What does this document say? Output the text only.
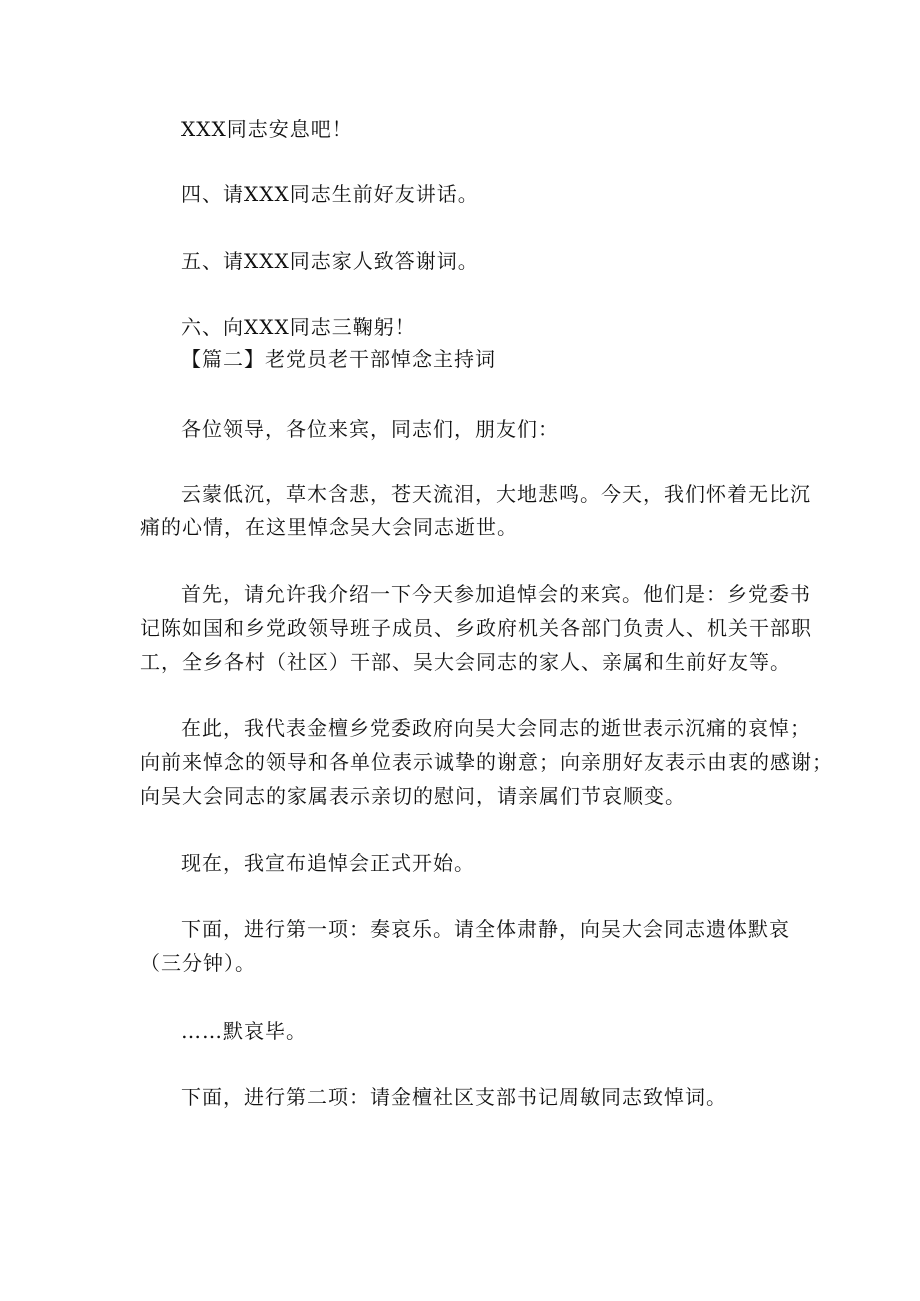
XXX同志安息吧！
四、请XXX同志生前好友讲话。
五、请XXX同志家人致答谢词。
六、向XXX同志三鞠躬！
【篇二】老党员老干部悼念主持词
各位领导，各位来宾，同志们，朋友们：
云蒙低沉，草木含悲，苍天流泪，大地悲鸣。今天，我们怀着无比沉
痛的心情，在这里悼念吴大会同志逝世。
首先，请允许我介绍一下今天参加追悼会的来宾。他们是：乡党委书
记陈如国和乡党政领导班子成员、乡政府机关各部门负责人、机关干部职
工，全乡各村（社区）干部、吴大会同志的家人、亲属和生前好友等。
在此，我代表金檀乡党委政府向吴大会同志的逝世表示沉痛的哀悼；
向前来悼念的领导和各单位表示诚挚的谢意；向亲朋好友表示由衷的感谢；
向吴大会同志的家属表示亲切的慰问，请亲属们节哀顺变。
现在，我宣布追悼会正式开始。
下面，进行第一项：奏哀乐。请全体肃静，向吴大会同志遗体默哀
（三分钟）。
……默哀毕。
下面，进行第二项：请金檀社区支部书记周敏同志致悼词。
